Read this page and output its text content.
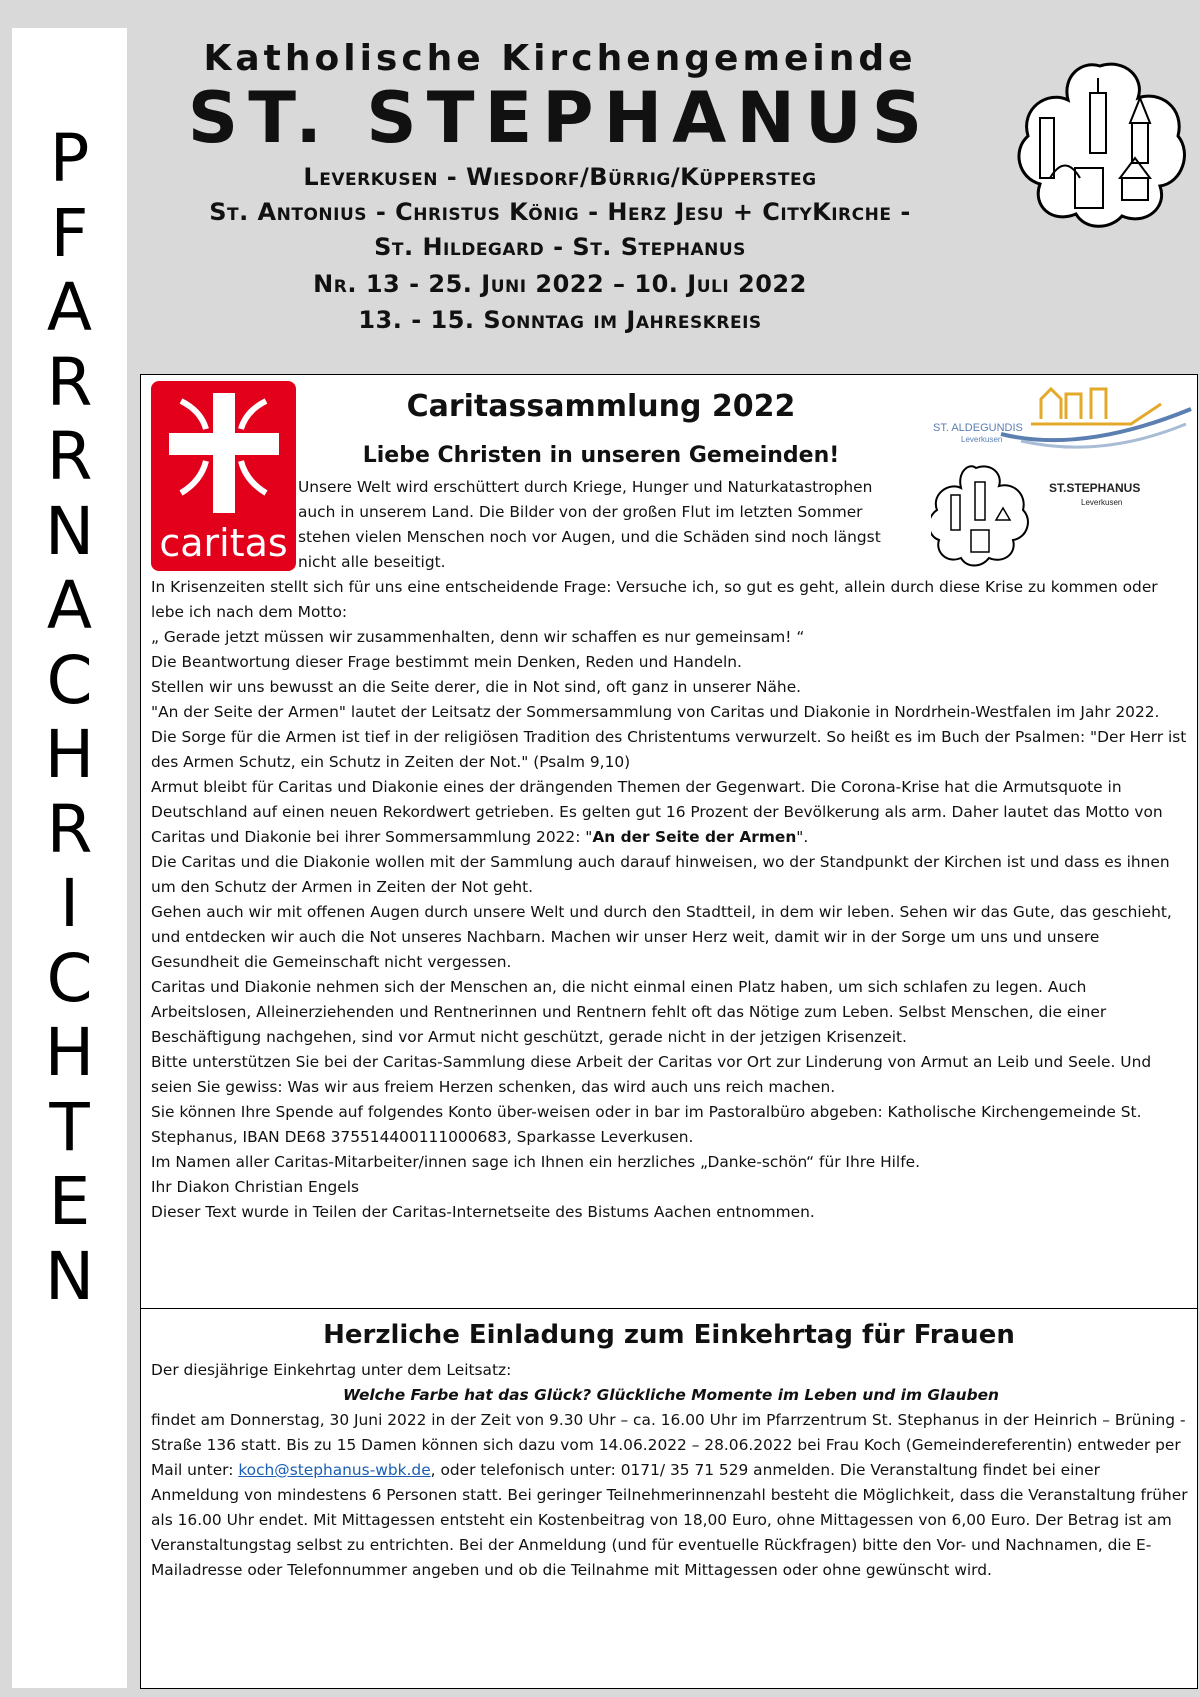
P
F
A
R
R
N
A
C
H
R
I
C
H
T
E
N
Katholische Kirchengemeinde
ST. STEPHANUS
Leverkusen - Wiesdorf/Bürrig/Küppersteg
St. Antonius - Christus König - Herz Jesu + CityKirche -
St. Hildegard - St. Stephanus
Nr. 13 - 25. Juni 2022 – 10. Juli 2022
13. - 15. Sonntag im Jahreskreis
caritas
Caritassammlung 2022
Liebe Christen in unseren Gemeinden!
ST. ALDEGUNDIS
Leverkusen
ST.STEPHANUS
Leverkusen
Unsere Welt wird erschüttert durch Kriege, Hunger und Naturkatastrophen auch in unserem Land. Die Bilder von der großen Flut im letzten Sommer stehen vielen Menschen noch vor Augen, und die Schäden sind noch längst nicht alle beseitigt.
In Krisenzeiten stellt sich für uns eine entscheidende Frage: Versuche ich, so gut es geht, allein durch diese Krise zu kommen oder lebe ich nach dem Motto:
„ Gerade jetzt müssen wir zusammenhalten, denn wir schaffen es nur gemeinsam! “
Die Beantwortung dieser Frage bestimmt mein Denken, Reden und Handeln.
Stellen wir uns bewusst an die Seite derer, die in Not sind, oft ganz in unserer Nähe.
"An der Seite der Armen" lautet der Leitsatz der Sommersammlung von Caritas und Diakonie in Nordrhein-Westfalen im Jahr 2022.
Die Sorge für die Armen ist tief in der religiösen Tradition des Christentums verwurzelt. So heißt es im Buch der Psalmen: "Der Herr ist des Armen Schutz, ein Schutz in Zeiten der Not." (Psalm 9,10)
Armut bleibt für Caritas und Diakonie eines der drängenden Themen der Gegenwart. Die Corona-Krise hat die Armutsquote in Deutschland auf einen neuen Rekordwert getrieben. Es gelten gut 16 Prozent der Bevölkerung als arm. Daher lautet das Motto von Caritas und Diakonie bei ihrer Sommersammlung 2022: "An der Seite der Armen".
Die Caritas und die Diakonie wollen mit der Sammlung auch darauf hinweisen, wo der Standpunkt der Kirchen ist und dass es ihnen um den Schutz der Armen in Zeiten der Not geht.
Gehen auch wir mit offenen Augen durch unsere Welt und durch den Stadtteil, in dem wir leben. Sehen wir das Gute, das geschieht, und entdecken wir auch die Not unseres Nachbarn. Machen wir unser Herz weit, damit wir in der Sorge um uns und unsere Gesundheit die Gemeinschaft nicht vergessen.
Caritas und Diakonie nehmen sich der Menschen an, die nicht einmal einen Platz haben, um sich schlafen zu legen. Auch Arbeitslosen, Alleinerziehenden und Rentnerinnen und Rentnern fehlt oft das Nötige zum Leben. Selbst Menschen, die einer Beschäftigung nachgehen, sind vor Armut nicht geschützt, gerade nicht in der jetzigen Krisenzeit.
Bitte unterstützen Sie bei der Caritas-Sammlung diese Arbeit der Caritas vor Ort zur Linderung von Armut an Leib und Seele. Und seien Sie gewiss: Was wir aus freiem Herzen schenken, das wird auch uns reich machen.
Sie können Ihre Spende auf folgendes Konto über-weisen oder in bar im Pastoralbüro abgeben: Katholische Kirchengemeinde St. Stephanus, IBAN DE68 375514400111000683, Sparkasse Leverkusen.
Im Namen aller Caritas-Mitarbeiter/innen sage ich Ihnen ein herzliches „Danke-schön“ für Ihre Hilfe.
Ihr Diakon Christian Engels
Dieser Text wurde in Teilen der Caritas-Internetseite des Bistums Aachen entnommen.
Herzliche Einladung zum Einkehrtag für Frauen
Der diesjährige Einkehrtag unter dem Leitsatz:
Welche Farbe hat das Glück? Glückliche Momente im Leben und im Glauben
findet am Donnerstag, 30 Juni 2022 in der Zeit von 9.30 Uhr – ca. 16.00 Uhr im Pfarrzentrum St. Stephanus in der Heinrich – Brüning - Straße 136 statt. Bis zu 15 Damen können sich dazu vom 14.06.2022 – 28.06.2022 bei Frau Koch (Gemeindereferentin) entweder per Mail unter: koch@stephanus-wbk.de, oder telefonisch unter: 0171/ 35 71 529 anmelden. Die Veranstaltung findet bei einer Anmeldung von mindestens 6 Personen statt. Bei geringer Teilnehmerinnenzahl besteht die Möglichkeit, dass die Veranstaltung früher als 16.00 Uhr endet. Mit Mittagessen entsteht ein Kostenbeitrag von 18,00 Euro, ohne Mittagessen von 6,00 Euro. Der Betrag ist am Veranstaltungstag selbst zu entrichten. Bei der Anmeldung (und für eventuelle Rückfragen) bitte den Vor- und Nachnamen, die E-Mailadresse oder Telefonnummer angeben und ob die Teilnahme mit Mittagessen oder ohne gewünscht wird.
